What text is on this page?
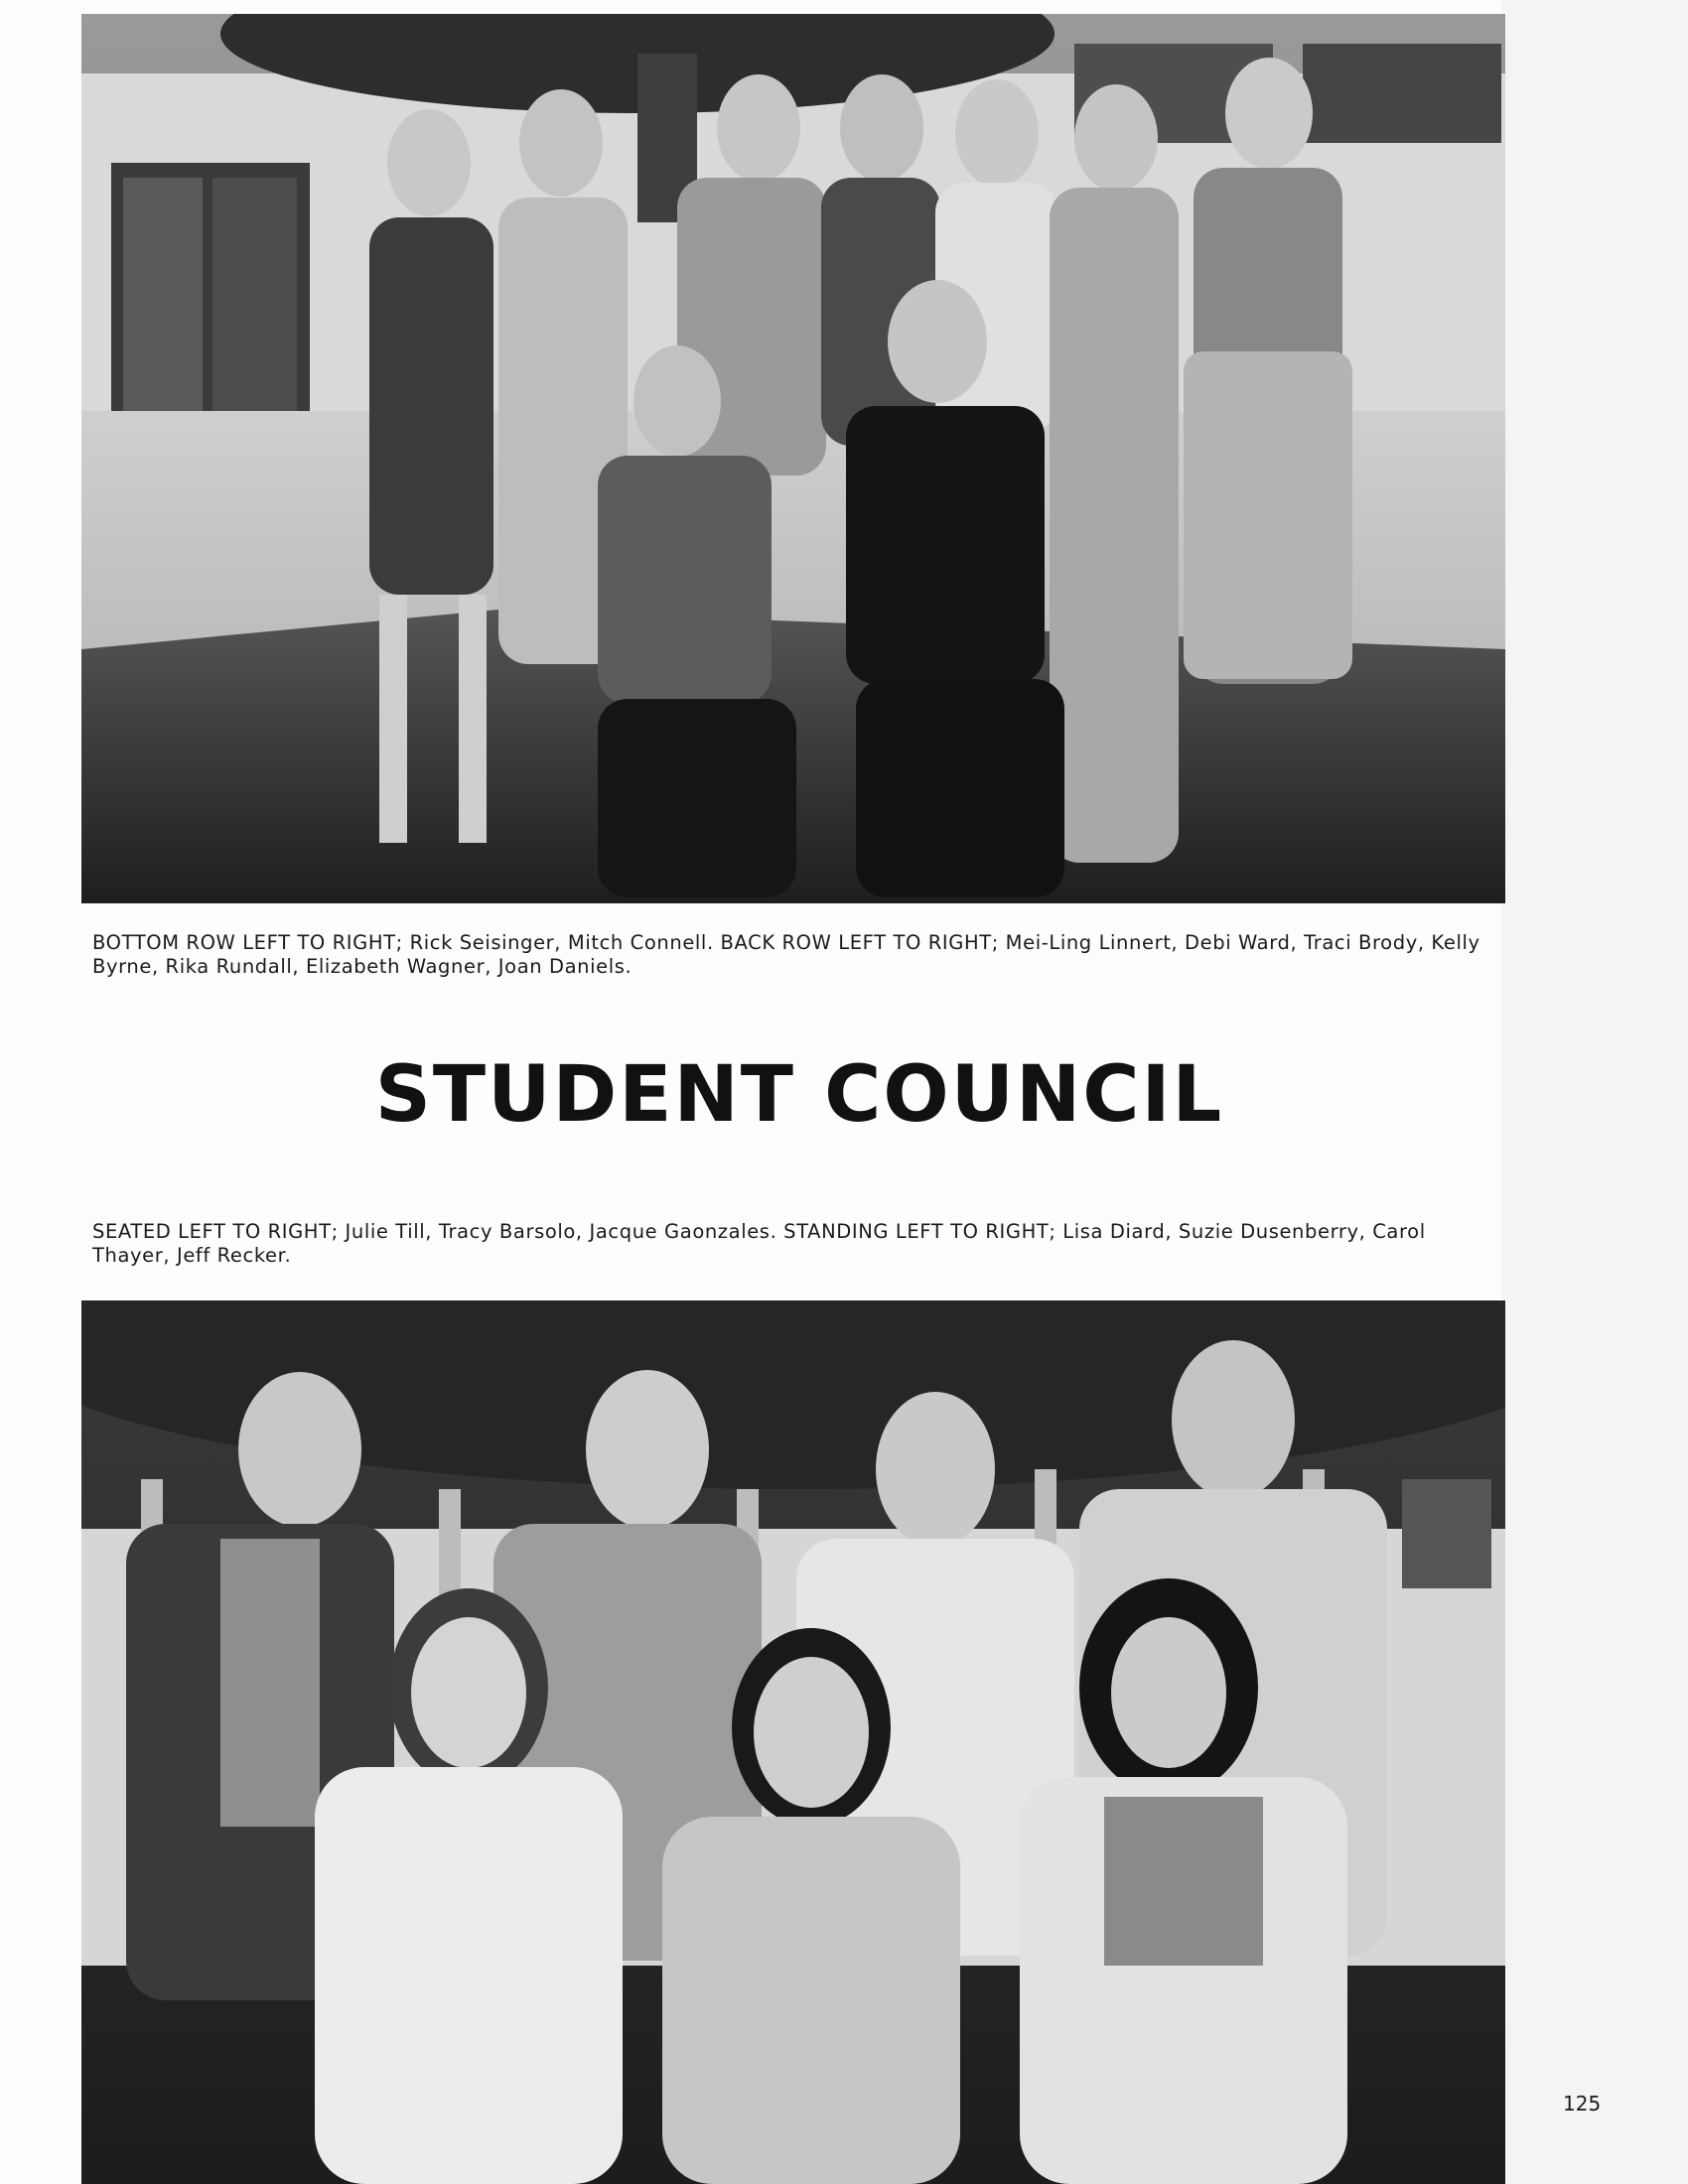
BOTTOM ROW LEFT TO RIGHT; Rick Seisinger, Mitch Connell. BACK ROW LEFT TO RIGHT; Mei-Ling Linnert, Debi Ward, Traci Brody, Kelly Byrne, Rika Rundall, Elizabeth Wagner, Joan Daniels.

STUDENT COUNCIL

SEATED LEFT TO RIGHT; Julie Till, Tracy Barsolo, Jacque Gaonzales. STANDING LEFT TO RIGHT; Lisa Diard, Suzie Dusenberry, Carol Thayer, Jeff Recker.

125
